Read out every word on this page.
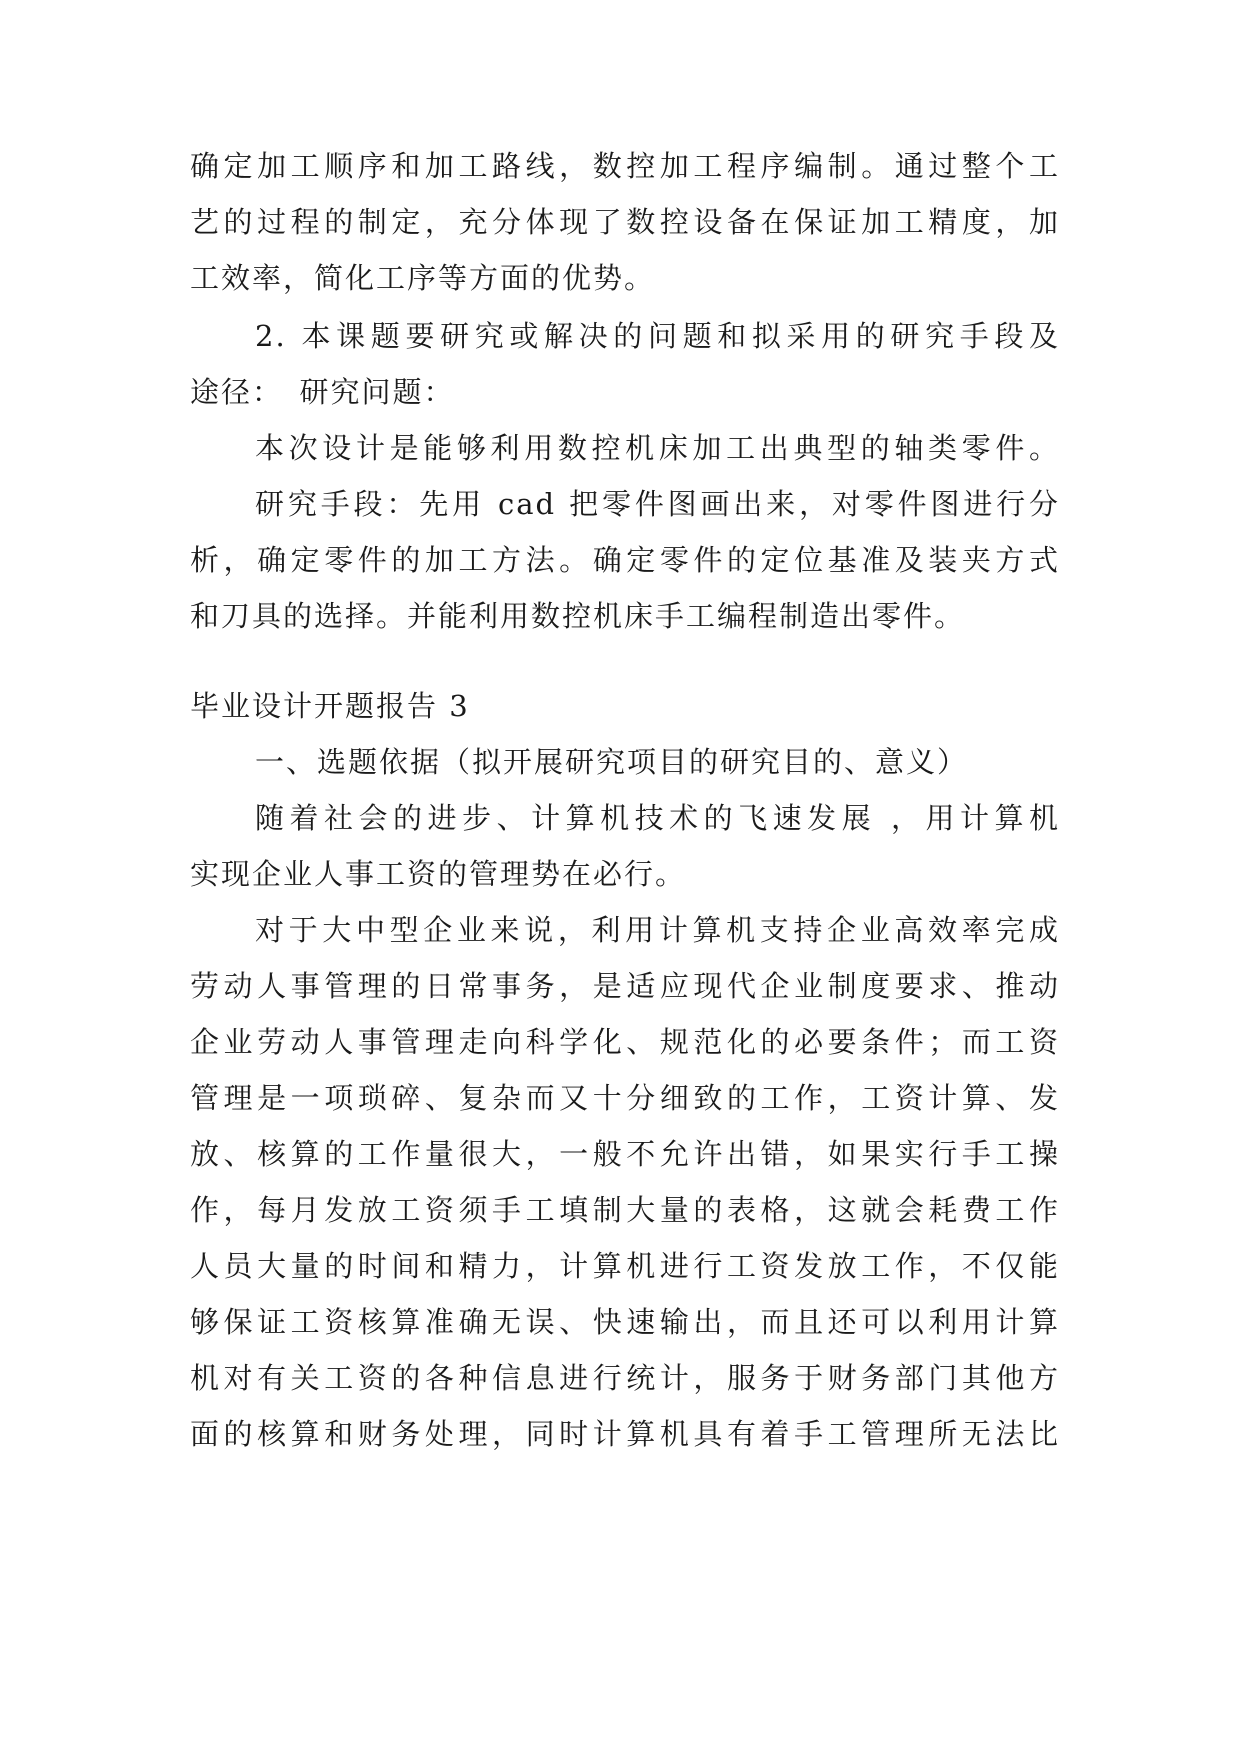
确定加工顺序和加工路线，数控加工程序编制。通过整个工
艺的过程的制定，充分体现了数控设备在保证加工精度，加
工效率，简化工序等方面的优势。
2. 本课题要研究或解决的问题和拟采用的研究手段及
途径：　研究问题：
本次设计是能够利用数控机床加工出典型的轴类零件。
研究手段：先用 cad 把零件图画出来，对零件图进行分
析，确定零件的加工方法。确定零件的定位基准及装夹方式
和刀具的选择。并能利用数控机床手工编程制造出零件。
毕业设计开题报告 3
一、选题依据（拟开展研究项目的研究目的、意义）
随着社会的进步、计算机技术的飞速发展 ，用计算机
实现企业人事工资的管理势在必行。
对于大中型企业来说，利用计算机支持企业高效率完成
劳动人事管理的日常事务，是适应现代企业制度要求、推动
企业劳动人事管理走向科学化、规范化的必要条件；而工资
管理是一项琐碎、复杂而又十分细致的工作，工资计算、发
放、核算的工作量很大，一般不允许出错，如果实行手工操
作，每月发放工资须手工填制大量的表格，这就会耗费工作
人员大量的时间和精力，计算机进行工资发放工作，不仅能
够保证工资核算准确无误、快速输出，而且还可以利用计算
机对有关工资的各种信息进行统计，服务于财务部门其他方
面的核算和财务处理，同时计算机具有着手工管理所无法比
